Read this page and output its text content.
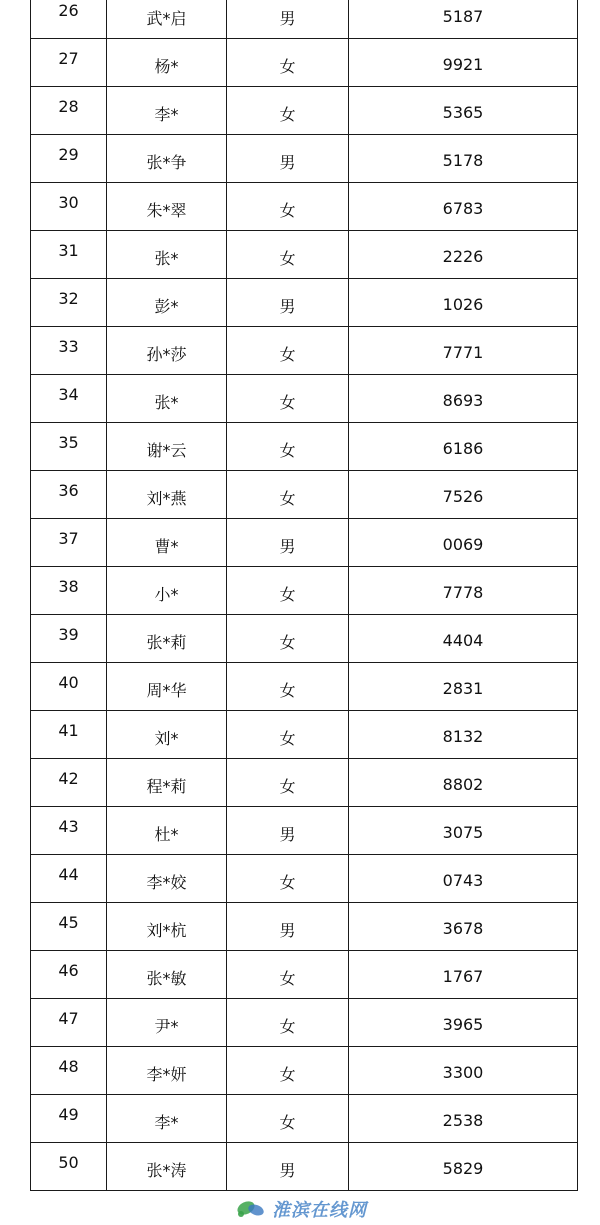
26	武*启	男	5187
27	杨*	女	9921
28	李*	女	5365
29	张*争	男	5178
30	朱*翠	女	6783
31	张*	女	2226
32	彭*	男	1026
33	孙*莎	女	7771
34	张*	女	8693
35	谢*云	女	6186
36	刘*燕	女	7526
37	曹*	男	0069
38	小*	女	7778
39	张*莉	女	4404
40	周*华	女	2831
41	刘*	女	8132
42	程*莉	女	8802
43	杜*	男	3075
44	李*姣	女	0743
45	刘*杭	男	3678
46	张*敏	女	1767
47	尹*	女	3965
48	李*妍	女	3300
49	李*	女	2538
50	张*涛	男	5829
淮滨在线网
